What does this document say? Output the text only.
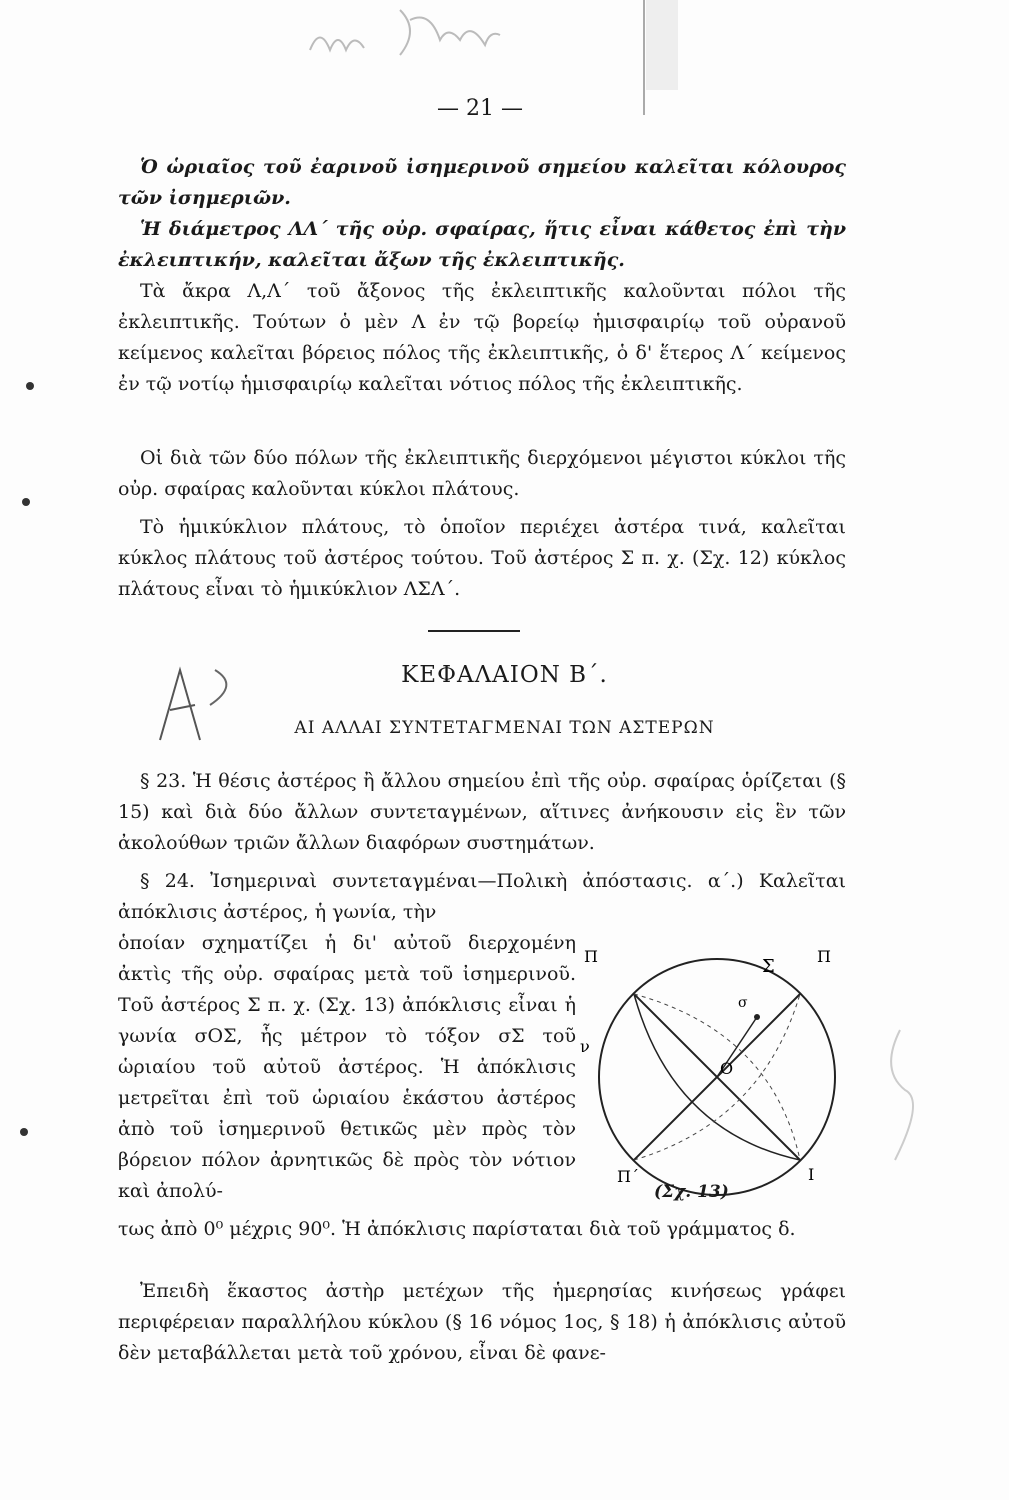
— 21 —
Ὁ ὡριαῖος τοῦ ἐαρινοῦ ἰσημερινοῦ σημείου καλεῖται κόλουρος τῶν ἰσημεριῶν.
Ἡ διάμετρος ΛΛ΄ τῆς οὐρ. σφαίρας, ἥτις εἶναι κάθετος ἐπὶ τὴν ἐκλειπτικήν, καλεῖται ἄξων τῆς ἐκλειπτικῆς.
Τὰ ἄκρα Λ,Λ΄ τοῦ ἄξονος τῆς ἐκλειπτικῆς καλοῦνται πόλοι τῆς ἐκλειπτικῆς. Τούτων ὁ μὲν Λ ἐν τῷ βορείῳ ἡμισφαιρίῳ τοῦ οὐρανοῦ κείμενος καλεῖται βόρειος πόλος τῆς ἐκλειπτικῆς, ὁ δ' ἕτερος Λ΄ κείμενος ἐν τῷ νοτίῳ ἡμισφαιρίῳ καλεῖται νότιος πόλος τῆς ἐκλειπτικῆς.
Οἱ διὰ τῶν δύο πόλων τῆς ἐκλειπτικῆς διερχόμενοι μέγιστοι κύκλοι τῆς οὐρ. σφαίρας καλοῦνται κύκλοι πλάτους.
Τὸ ἡμικύκλιον πλάτους, τὸ ὁποῖον περιέχει ἀστέρα τινά, καλεῖται κύκλος πλάτους τοῦ ἀστέρος τούτου. Τοῦ ἀστέρος Σ π. χ. (Σχ. 12) κύκλος πλάτους εἶναι τὸ ἡμικύκλιον ΛΣΛ΄.
ΚΕΦΑΛΑΙΟΝ Β΄.
ΑΙ ΑΛΛΑΙ ΣΥΝΤΕΤΑΓΜΕΝΑΙ ΤΩΝ ΑΣΤΕΡΩΝ
§ 23. Ἡ θέσις ἀστέρος ἢ ἄλλου σημείου ἐπὶ τῆς οὐρ. σφαίρας ὁρίζεται (§ 15) καὶ διὰ δύο ἄλλων συντεταγμένων, αἵτινες ἀνήκουσιν εἰς ἓν τῶν ἀκολούθων τριῶν ἄλλων διαφόρων συστημάτων.
§ 24. Ἰσημεριναὶ συντεταγμέναι—Πολικὴ ἀπόστασις. α΄.) Καλεῖται ἀπόκλισις ἀστέρος, ἡ γωνία, τὴν
ὁποίαν σχηματίζει ἡ δι' αὐτοῦ διερχομένη ἀκτὶς τῆς οὐρ. σφαίρας μετὰ τοῦ ἰσημερινοῦ. Τοῦ ἀστέρος Σ π. χ. (Σχ. 13) ἀπόκλισις εἶναι ἡ γωνία σΟΣ, ἧς μέτρον τὸ τόξον σΣ τοῦ ὡριαίου τοῦ αὐτοῦ ἀστέρος. Ἡ ἀπόκλισις μετρεῖται ἐπὶ τοῦ ὡριαίου ἑκάστου ἀστέρος ἀπὸ τοῦ ἰσημερινοῦ θετικῶς μὲν πρὸς τὸν βόρειον πόλον ἀρνητικῶς δὲ πρὸς τὸν νότιον καὶ ἀπολύ-
Π	Π
Σ
σ
Ο
ν
Π΄	Ι
(Σχ. 13)
τως ἀπὸ 0⁰ μέχρις 90⁰. Ἡ ἀπόκλισις παρίσταται διὰ τοῦ γράμματος δ.
Ἐπειδὴ ἕκαστος ἀστὴρ μετέχων τῆς ἡμερησίας κινήσεως γράφει περιφέρειαν παραλλήλου κύκλου (§ 16 νόμος 1ος, § 18) ἡ ἀπόκλισις αὐτοῦ δὲν μεταβάλλεται μετὰ τοῦ χρόνου, εἶναι δὲ φανε-
